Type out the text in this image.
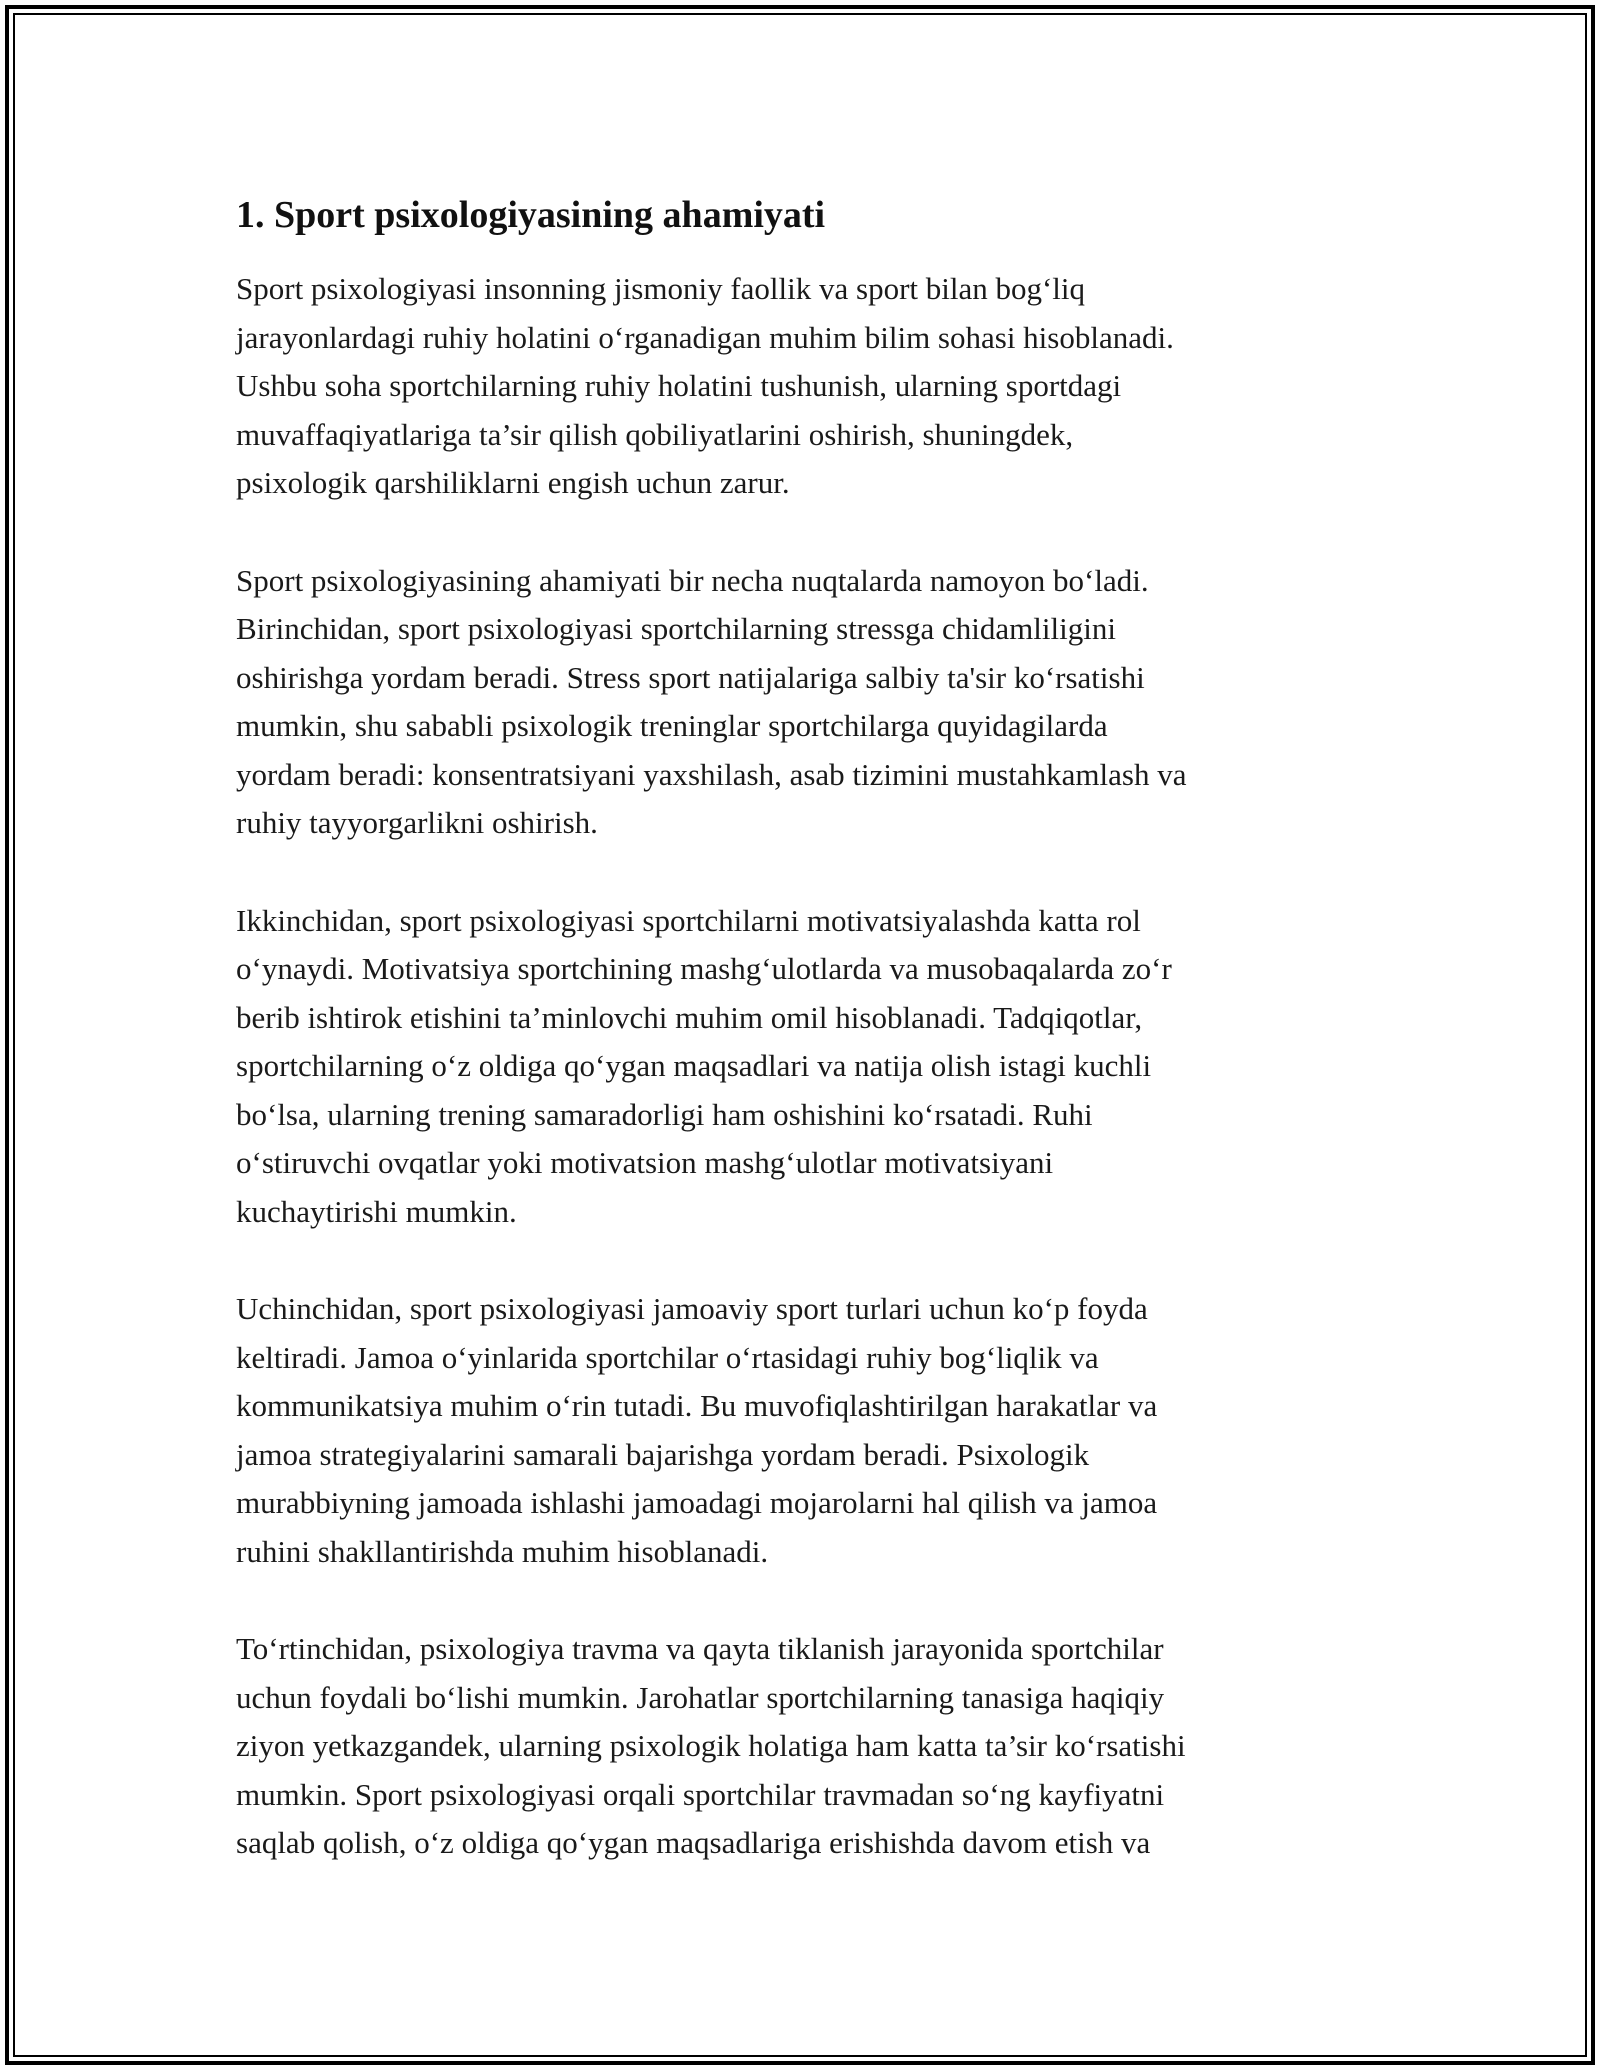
1. Sport psixologiyasining ahamiyati

Sport psixologiyasi insonning jismoniy faollik va sport bilan bog‘liq
jarayonlardagi ruhiy holatini o‘rganadigan muhim bilim sohasi hisoblanadi.
Ushbu soha sportchilarning ruhiy holatini tushunish, ularning sportdagi
muvaffaqiyatlariga ta’sir qilish qobiliyatlarini oshirish, shuningdek,
psixologik qarshiliklarni engish uchun zarur.

Sport psixologiyasining ahamiyati bir necha nuqtalarda namoyon bo‘ladi.
Birinchidan, sport psixologiyasi sportchilarning stressga chidamliligini
oshirishga yordam beradi. Stress sport natijalariga salbiy ta'sir ko‘rsatishi
mumkin, shu sababli psixologik treninglar sportchilarga quyidagilarda
yordam beradi: konsentratsiyani yaxshilash, asab tizimini mustahkamlash va
ruhiy tayyorgarlikni oshirish.

Ikkinchidan, sport psixologiyasi sportchilarni motivatsiyalashda katta rol
o‘ynaydi. Motivatsiya sportchining mashg‘ulotlarda va musobaqalarda zo‘r
berib ishtirok etishini ta’minlovchi muhim omil hisoblanadi. Tadqiqotlar,
sportchilarning o‘z oldiga qo‘ygan maqsadlari va natija olish istagi kuchli
bo‘lsa, ularning trening samaradorligi ham oshishini ko‘rsatadi. Ruhi
o‘stiruvchi ovqatlar yoki motivatsion mashg‘ulotlar motivatsiyani
kuchaytirishi mumkin.

Uchinchidan, sport psixologiyasi jamoaviy sport turlari uchun ko‘p foyda
keltiradi. Jamoa o‘yinlarida sportchilar o‘rtasidagi ruhiy bog‘liqlik va
kommunikatsiya muhim o‘rin tutadi. Bu muvofiqlashtirilgan harakatlar va
jamoa strategiyalarini samarali bajarishga yordam beradi. Psixologik
murabbiyning jamoada ishlashi jamoadagi mojarolarni hal qilish va jamoa
ruhini shakllantirishda muhim hisoblanadi.

To‘rtinchidan, psixologiya travma va qayta tiklanish jarayonida sportchilar
uchun foydali bo‘lishi mumkin. Jarohatlar sportchilarning tanasiga haqiqiy
ziyon yetkazgandek, ularning psixologik holatiga ham katta ta’sir ko‘rsatishi
mumkin. Sport psixologiyasi orqali sportchilar travmadan so‘ng kayfiyatni
saqlab qolish, o‘z oldiga qo‘ygan maqsadlariga erishishda davom etish va
